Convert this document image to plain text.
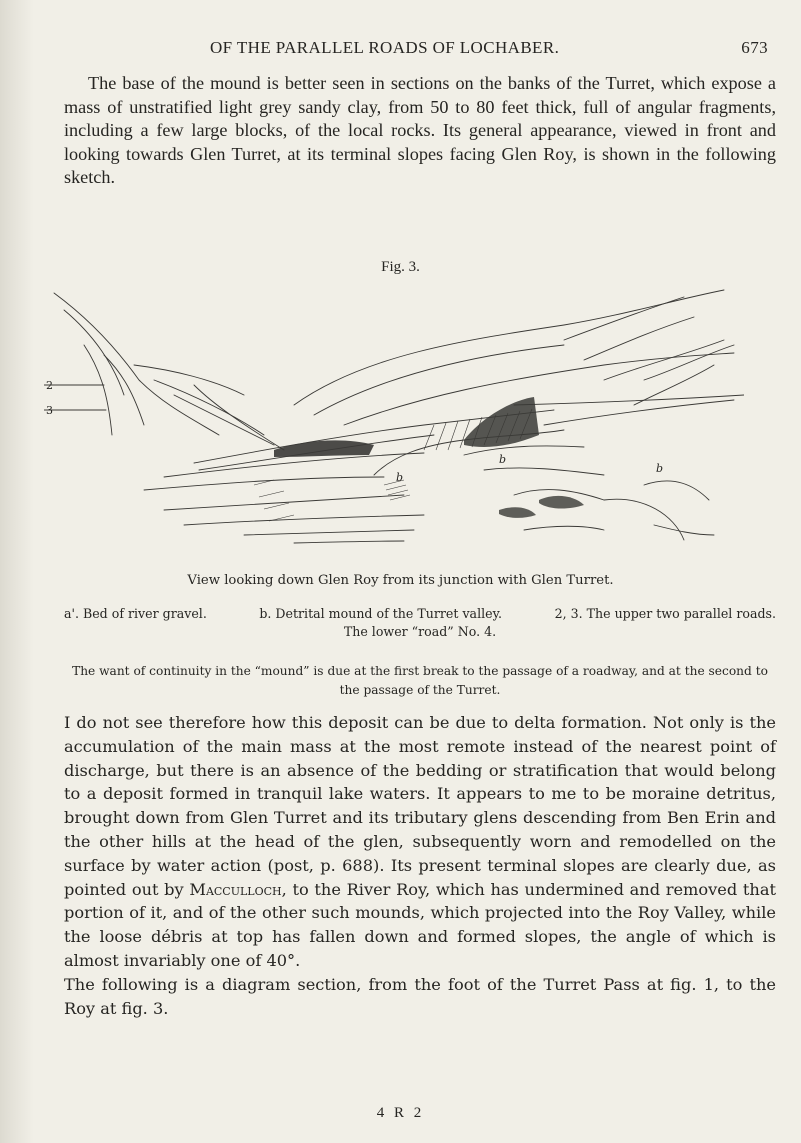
OF THE PARALLEL ROADS OF LOCHABER.	673

The base of the mound is better seen in sections on the banks of the Turret, which expose a mass of unstratified light grey sandy clay, from 50 to 80 feet thick, full of angular fragments, including a few large blocks, of the local rocks. Its general appearance, viewed in front and looking towards Glen Turret, at its terminal slopes facing Glen Roy, is shown in the following sketch.

Fig. 3.
2
3
b
b
b
View looking down Glen Roy from its junction with Glen Turret.
a'. Bed of river gravel.	b. Detrital mound of the Turret valley.	2, 3. The upper two parallel roads.
The lower “road” No. 4.
The want of continuity in the “mound” is due at the first break to the passage of a roadway, and at the second to the passage of the Turret.

I do not see therefore how this deposit can be due to delta formation. Not only is the accumulation of the main mass at the most remote instead of the nearest point of discharge, but there is an absence of the bedding or stratification that would belong to a deposit formed in tranquil lake waters. It appears to me to be moraine detritus, brought down from Glen Turret and its tributary glens descending from Ben Erin and the other hills at the head of the glen, subsequently worn and remodelled on the surface by water action (post, p. 688). Its present terminal slopes are clearly due, as pointed out by Macculloch, to the River Roy, which has undermined and removed that portion of it, and of the other such mounds, which projected into the Roy Valley, while the loose débris at top has fallen down and formed slopes, the angle of which is almost invariably one of 40°.

The following is a diagram section, from the foot of the Turret Pass at fig. 1, to the Roy at fig. 3.

4 R 2
